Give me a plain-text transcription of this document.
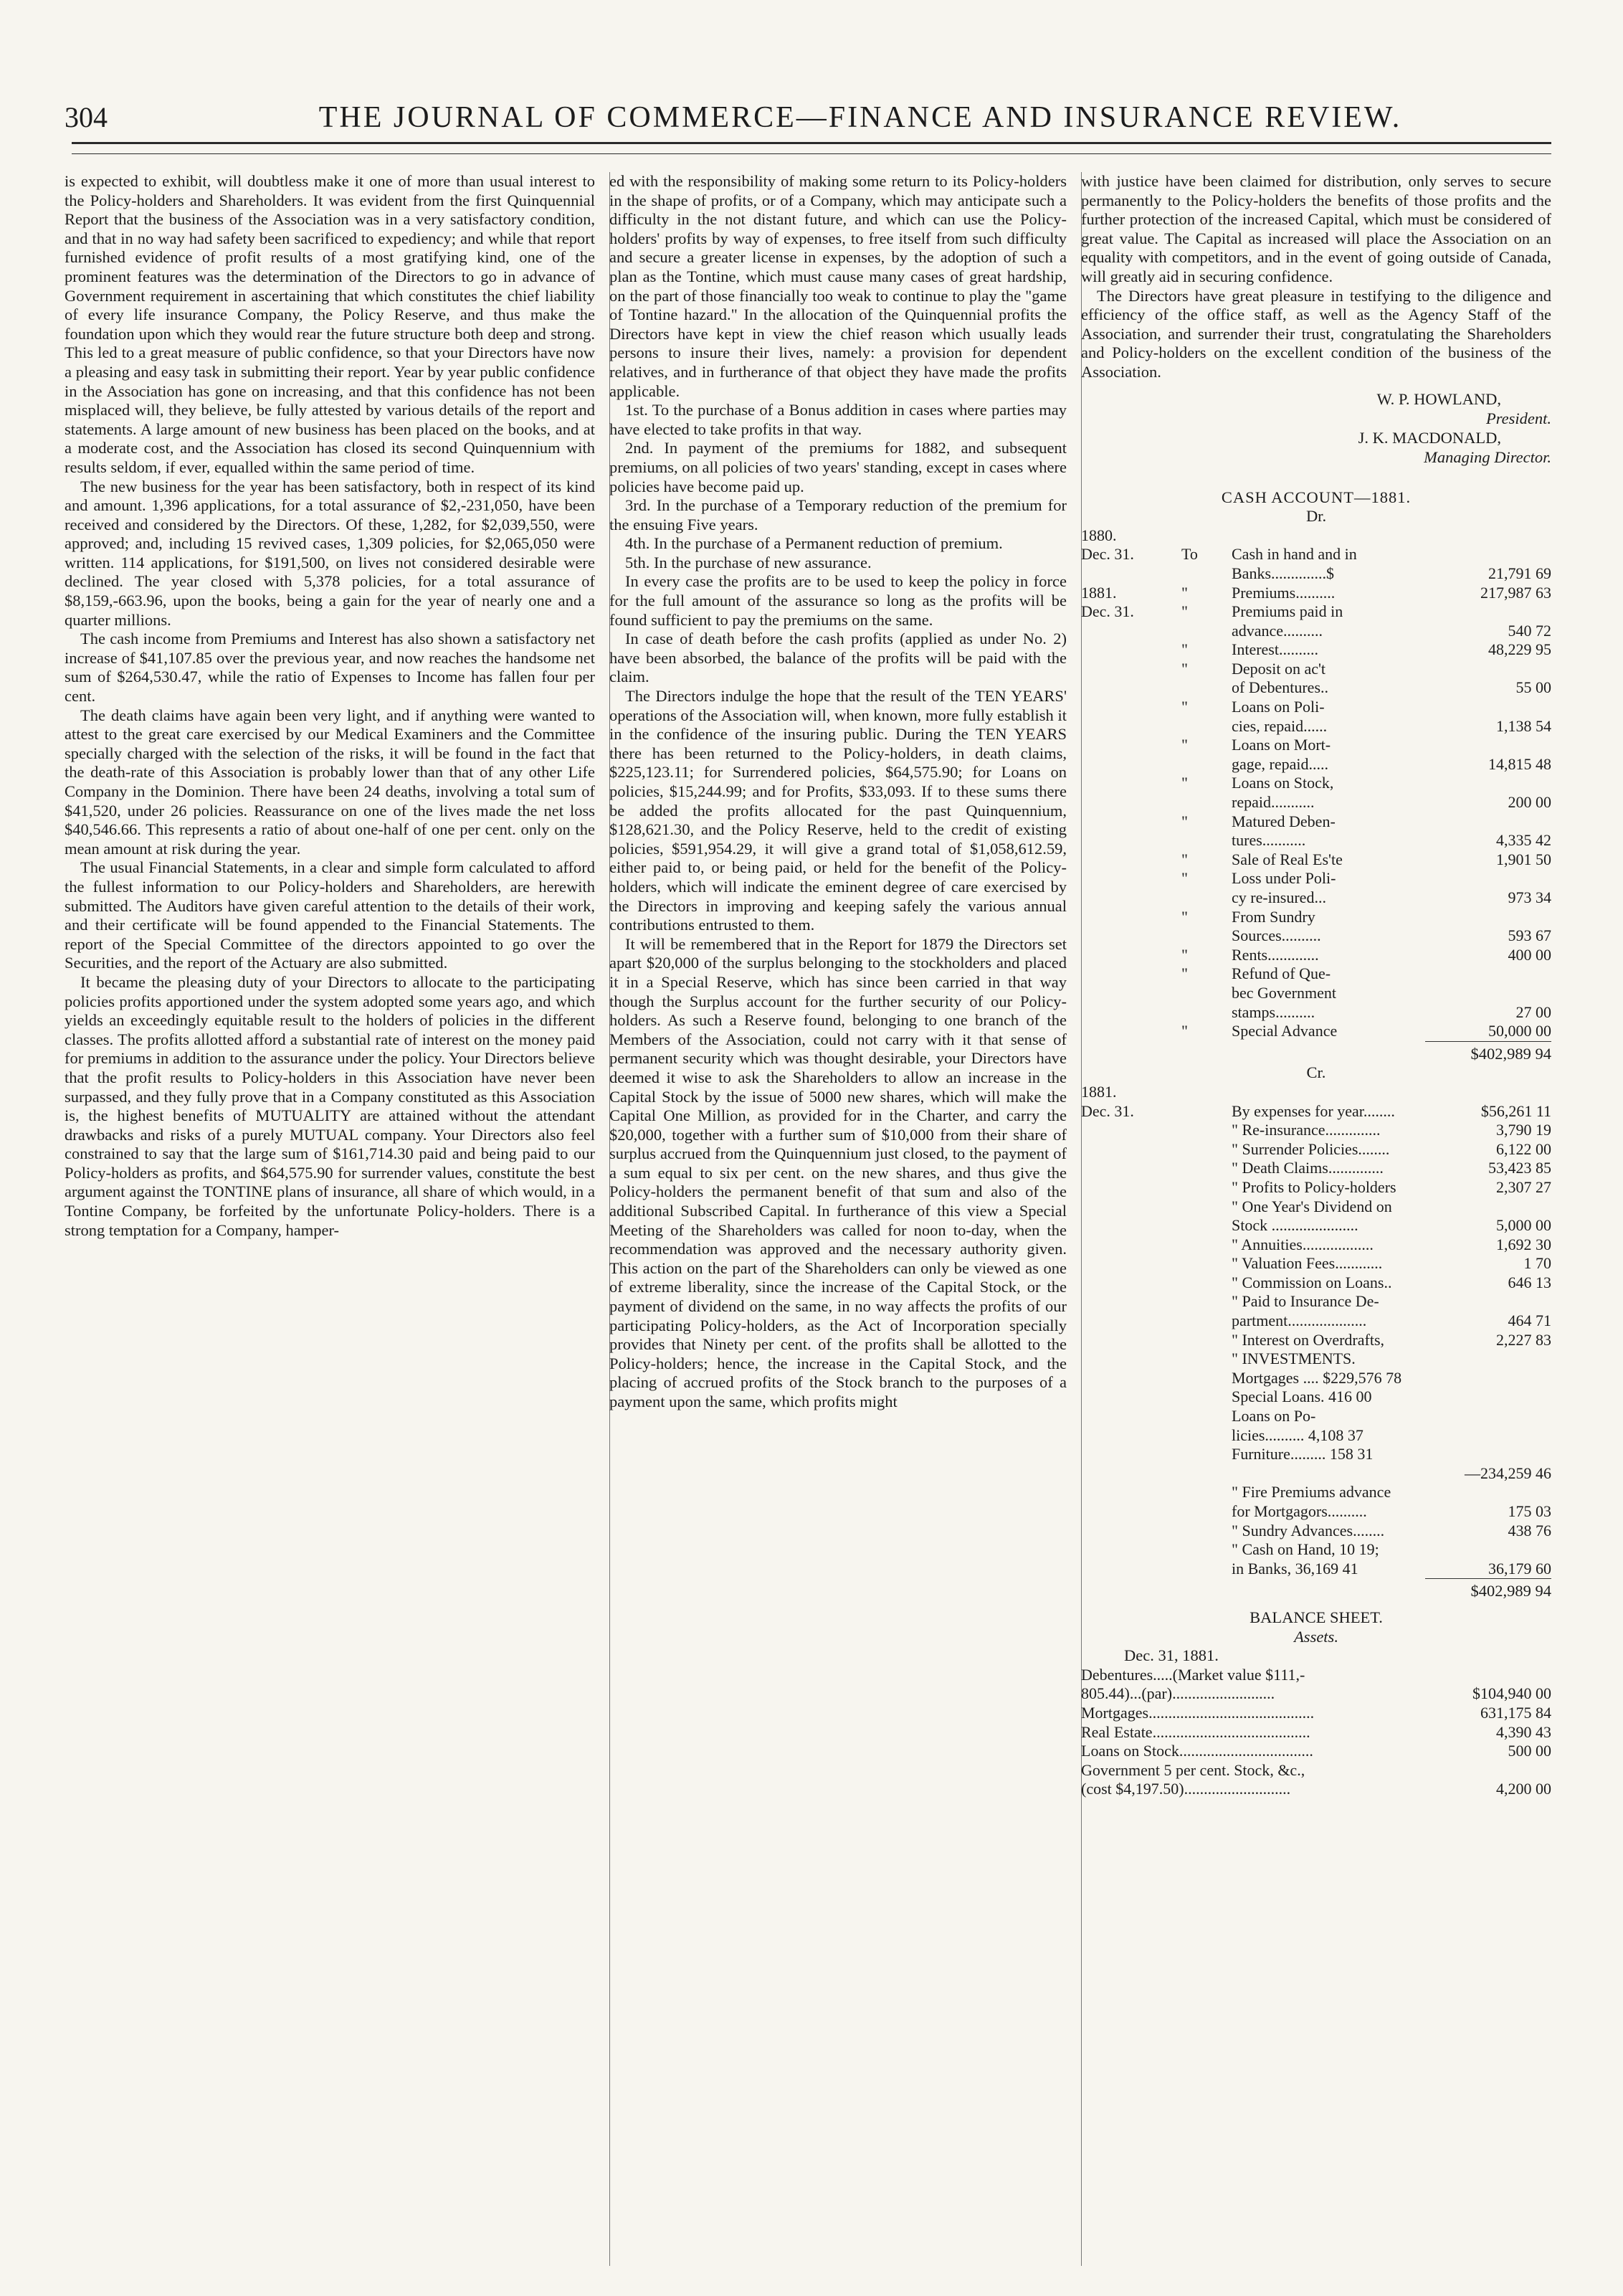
304	THE JOURNAL OF COMMERCE—FINANCE AND INSURANCE REVIEW.

is expected to exhibit, will doubtless make it one of more than usual interest to the Policy-holders and Shareholders. It was evident from the first Quinquennial Report that the business of the Association was in a very satisfactory condition, and that in no way had safety been sacrificed to expediency; and while that report furnished evidence of profit results of a most gratifying kind, one of the prominent features was the determination of the Directors to go in advance of Government requirement in ascertaining that which constitutes the chief liability of every life insurance Company, the Policy Reserve, and thus make the foundation upon which they would rear the future structure both deep and strong. This led to a great measure of public confidence, so that your Directors have now a pleasing and easy task in submitting their report. Year by year public confidence in the Association has gone on increasing, and that this confidence has not been misplaced will, they believe, be fully attested by various details of the report and statements. A large amount of new business has been placed on the books, and at a moderate cost, and the Association has closed its second Quinquennium with results seldom, if ever, equalled within the same period of time.

The new business for the year has been satisfactory, both in respect of its kind and amount. 1,396 applications, for a total assurance of $2,-231,050, have been received and considered by the Directors. Of these, 1,282, for $2,039,550, were approved; and, including 15 revived cases, 1,309 policies, for $2,065,050 were written. 114 applications, for $191,500, on lives not considered desirable were declined. The year closed with 5,378 policies, for a total assurance of $8,159,-663.96, upon the books, being a gain for the year of nearly one and a quarter millions.

The cash income from Premiums and Interest has also shown a satisfactory net increase of $41,107.85 over the previous year, and now reaches the handsome net sum of $264,530.47, while the ratio of Expenses to Income has fallen four per cent.

The death claims have again been very light, and if anything were wanted to attest to the great care exercised by our Medical Examiners and the Committee specially charged with the selection of the risks, it will be found in the fact that the death-rate of this Association is probably lower than that of any other Life Company in the Dominion. There have been 24 deaths, involving a total sum of $41,520, under 26 policies. Reassurance on one of the lives made the net loss $40,546.66. This represents a ratio of about one-half of one per cent. only on the mean amount at risk during the year.

The usual Financial Statements, in a clear and simple form calculated to afford the fullest information to our Policy-holders and Shareholders, are herewith submitted. The Auditors have given careful attention to the details of their work, and their certificate will be found appended to the Financial Statements. The report of the Special Committee of the directors appointed to go over the Securities, and the report of the Actuary are also submitted.

It became the pleasing duty of your Directors to allocate to the participating policies profits apportioned under the system adopted some years ago, and which yields an exceedingly equitable result to the holders of policies in the different classes. The profits allotted afford a substantial rate of interest on the money paid for premiums in addition to the assurance under the policy. Your Directors believe that the profit results to Policy-holders in this Association have never been surpassed, and they fully prove that in a Company constituted as this Association is, the highest benefits of MUTUALITY are attained without the attendant drawbacks and risks of a purely MUTUAL company. Your Directors also feel constrained to say that the large sum of $161,714.30 paid and being paid to our Policy-holders as profits, and $64,575.90 for surrender values, constitute the best argument against the TONTINE plans of insurance, all share of which would, in a Tontine Company, be forfeited by the unfortunate Policy-holders. There is a strong temptation for a Company, hamper-

ed with the responsibility of making some return to its Policy-holders in the shape of profits, or of a Company, which may anticipate such a difficulty in the not distant future, and which can use the Policy-holders' profits by way of expenses, to free itself from such difficulty and secure a greater license in expenses, by the adoption of such a plan as the Tontine, which must cause many cases of great hardship, on the part of those financially too weak to continue to play the "game of Tontine hazard." In the allocation of the Quinquennial profits the Directors have kept in view the chief reason which usually leads persons to insure their lives, namely: a provision for dependent relatives, and in furtherance of that object they have made the profits applicable.

1st. To the purchase of a Bonus addition in cases where parties may have elected to take profits in that way.

2nd. In payment of the premiums for 1882, and subsequent premiums, on all policies of two years' standing, except in cases where policies have become paid up.

3rd. In the purchase of a Temporary reduction of the premium for the ensuing Five years.

4th. In the purchase of a Permanent reduction of premium.

5th. In the purchase of new assurance.

In every case the profits are to be used to keep the policy in force for the full amount of the assurance so long as the profits will be found sufficient to pay the premiums on the same.

In case of death before the cash profits (applied as under No. 2) have been absorbed, the balance of the profits will be paid with the claim.

The Directors indulge the hope that the result of the TEN YEARS' operations of the Association will, when known, more fully establish it in the confidence of the insuring public. During the TEN YEARS there has been returned to the Policy-holders, in death claims, $225,123.11; for Surrendered policies, $64,575.90; for Loans on policies, $15,244.99; and for Profits, $33,093. If to these sums there be added the profits allocated for the past Quinquennium, $128,621.30, and the Policy Reserve, held to the credit of existing policies, $591,954.29, it will give a grand total of $1,058,612.59, either paid to, or being paid, or held for the benefit of the Policy-holders, which will indicate the eminent degree of care exercised by the Directors in improving and keeping safely the various annual contributions entrusted to them.

It will be remembered that in the Report for 1879 the Directors set apart $20,000 of the surplus belonging to the stockholders and placed it in a Special Reserve, which has since been carried in that way though the Surplus account for the further security of our Policy-holders. As such a Reserve found, belonging to one branch of the Members of the Association, could not carry with it that sense of permanent security which was thought desirable, your Directors have deemed it wise to ask the Shareholders to allow an increase in the Capital Stock by the issue of 5000 new shares, which will make the Capital One Million, as provided for in the Charter, and carry the $20,000, together with a further sum of $10,000 from their share of surplus accrued from the Quinquennium just closed, to the payment of a sum equal to six per cent. on the new shares, and thus give the Policy-holders the permanent benefit of that sum and also of the additional Subscribed Capital. In furtherance of this view a Special Meeting of the Shareholders was called for noon to-day, when the recommendation was approved and the necessary authority given. This action on the part of the Shareholders can only be viewed as one of extreme liberality, since the increase of the Capital Stock, or the payment of dividend on the same, in no way affects the profits of our participating Policy-holders, as the Act of Incorporation specially provides that Ninety per cent. of the profits shall be allotted to the Policy-holders; hence, the increase in the Capital Stock, and the placing of accrued profits of the Stock branch to the purposes of a payment upon the same, which profits might

with justice have been claimed for distribution, only serves to secure permanently to the Policy-holders the benefits of those profits and the further protection of the increased Capital, which must be considered of great value. The Capital as increased will place the Association on an equality with competitors, and in the event of going outside of Canada, will greatly aid in securing confidence.

The Directors have great pleasure in testifying to the diligence and efficiency of the office staff, as well as the Agency Staff of the Association, and surrender their trust, congratulating the Shareholders and Policy-holders on the excellent condition of the business of the Association.

W. P. HOWLAND,
President.
J. K. MACDONALD,
Managing Director.
CASH ACCOUNT—1881.
Dr.
1880.
Dec. 31.	To	Cash in hand and in
Banks..............$	21,791 69
1881.	"	Premiums..........	217,987 63
Dec. 31.	"	Premiums paid in
advance..........	540 72
"	Interest..........	48,229 95
"	Deposit on ac't
of Debentures..	55 00
"	Loans on Poli-
cies, repaid......	1,138 54
"	Loans on Mort-
gage, repaid.....	14,815 48
"	Loans on Stock,
repaid...........	200 00
"	Matured Deben-
tures...........	4,335 42
"	Sale of Real Es'te	1,901 50
"	Loss under Poli-
cy re-insured...	973 34
"	From Sundry
Sources..........	593 67
"	Rents.............	400 00
"	Refund of Que-
bec Government
stamps..........	27 00
"	Special Advance	50,000 00
$402,989 94
Cr.
1881.
Dec. 31.	By expenses for year........	$56,261 11
" Re-insurance..............	3,790 19
" Surrender Policies........	6,122 00
" Death Claims..............	53,423 85
" Profits to Policy-holders	2,307 27
" One Year's Dividend on
Stock ......................	5,000 00
" Annuities..................	1,692 30
" Valuation Fees............	1 70
" Commission on Loans..	646 13
" Paid to Insurance De-
partment....................	464 71
" Interest on Overdrafts,	2,227 83
" INVESTMENTS.
Mortgages .... $229,576 78
Special Loans. 416 00
Loans on Po-
licies.......... 4,108 37
Furniture......... 158 31
—234,259 46
" Fire Premiums advance
for Mortgagors..........	175 03
" Sundry Advances........	438 76
" Cash on Hand, 10 19;
in Banks, 36,169 41	36,179 60
$402,989 94
BALANCE SHEET.
Assets.
Dec. 31, 1881.
Debentures.....(Market value $111,-
805.44)...(par)..........................	$104,940 00
Mortgages..........................................	631,175 84
Real Estate........................................	4,390 43
Loans on Stock..................................	500 00
Government 5 per cent. Stock, &c.,
(cost $4,197.50)...........................	4,200 00
